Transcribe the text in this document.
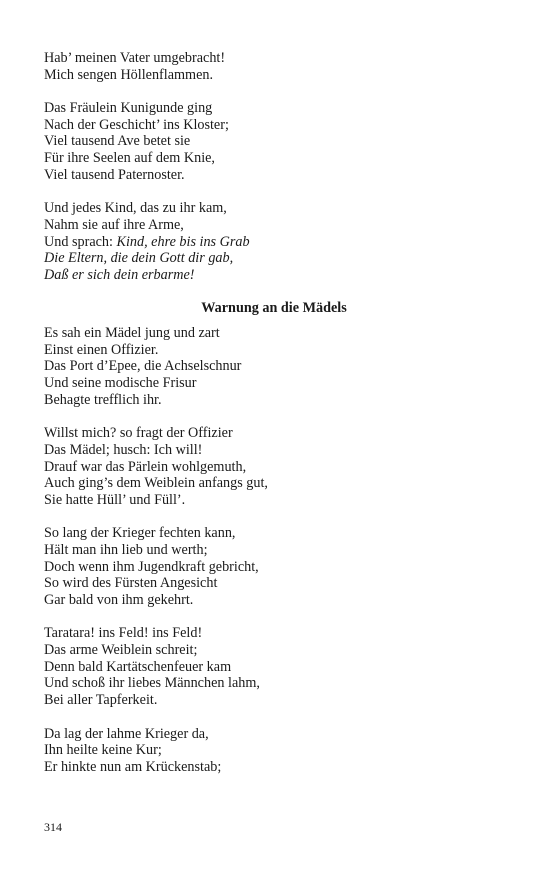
Hab’ meinen Vater umgebracht!
Mich sengen Höllenflammen.
Das Fräulein Kunigunde ging
Nach der Geschicht’ ins Kloster;
Viel tausend Ave betet sie
Für ihre Seelen auf dem Knie,
Viel tausend Paternoster.
Und jedes Kind, das zu ihr kam,
Nahm sie auf ihre Arme,
Und sprach: Kind, ehre bis ins Grab
Die Eltern, die dein Gott dir gab,
Daß er sich dein erbarme!
Warnung an die Mädels
Es sah ein Mädel jung und zart
Einst einen Offizier.
Das Port d’Epee, die Achselschnur
Und seine modische Frisur
Behagte trefflich ihr.
Willst mich? so fragt der Offizier
Das Mädel; husch: Ich will!
Drauf war das Pärlein wohlgemuth,
Auch ging’s dem Weiblein anfangs gut,
Sie hatte Hüll’ und Füll’.
So lang der Krieger fechten kann,
Hält man ihn lieb und werth;
Doch wenn ihm Jugendkraft gebricht,
So wird des Fürsten Angesicht
Gar bald von ihm gekehrt.
Taratara! ins Feld! ins Feld!
Das arme Weiblein schreit;
Denn bald Kartätschenfeuer kam
Und schoß ihr liebes Männchen lahm,
Bei aller Tapferkeit.
Da lag der lahme Krieger da,
Ihn heilte keine Kur;
Er hinkte nun am Krückenstab;
314
